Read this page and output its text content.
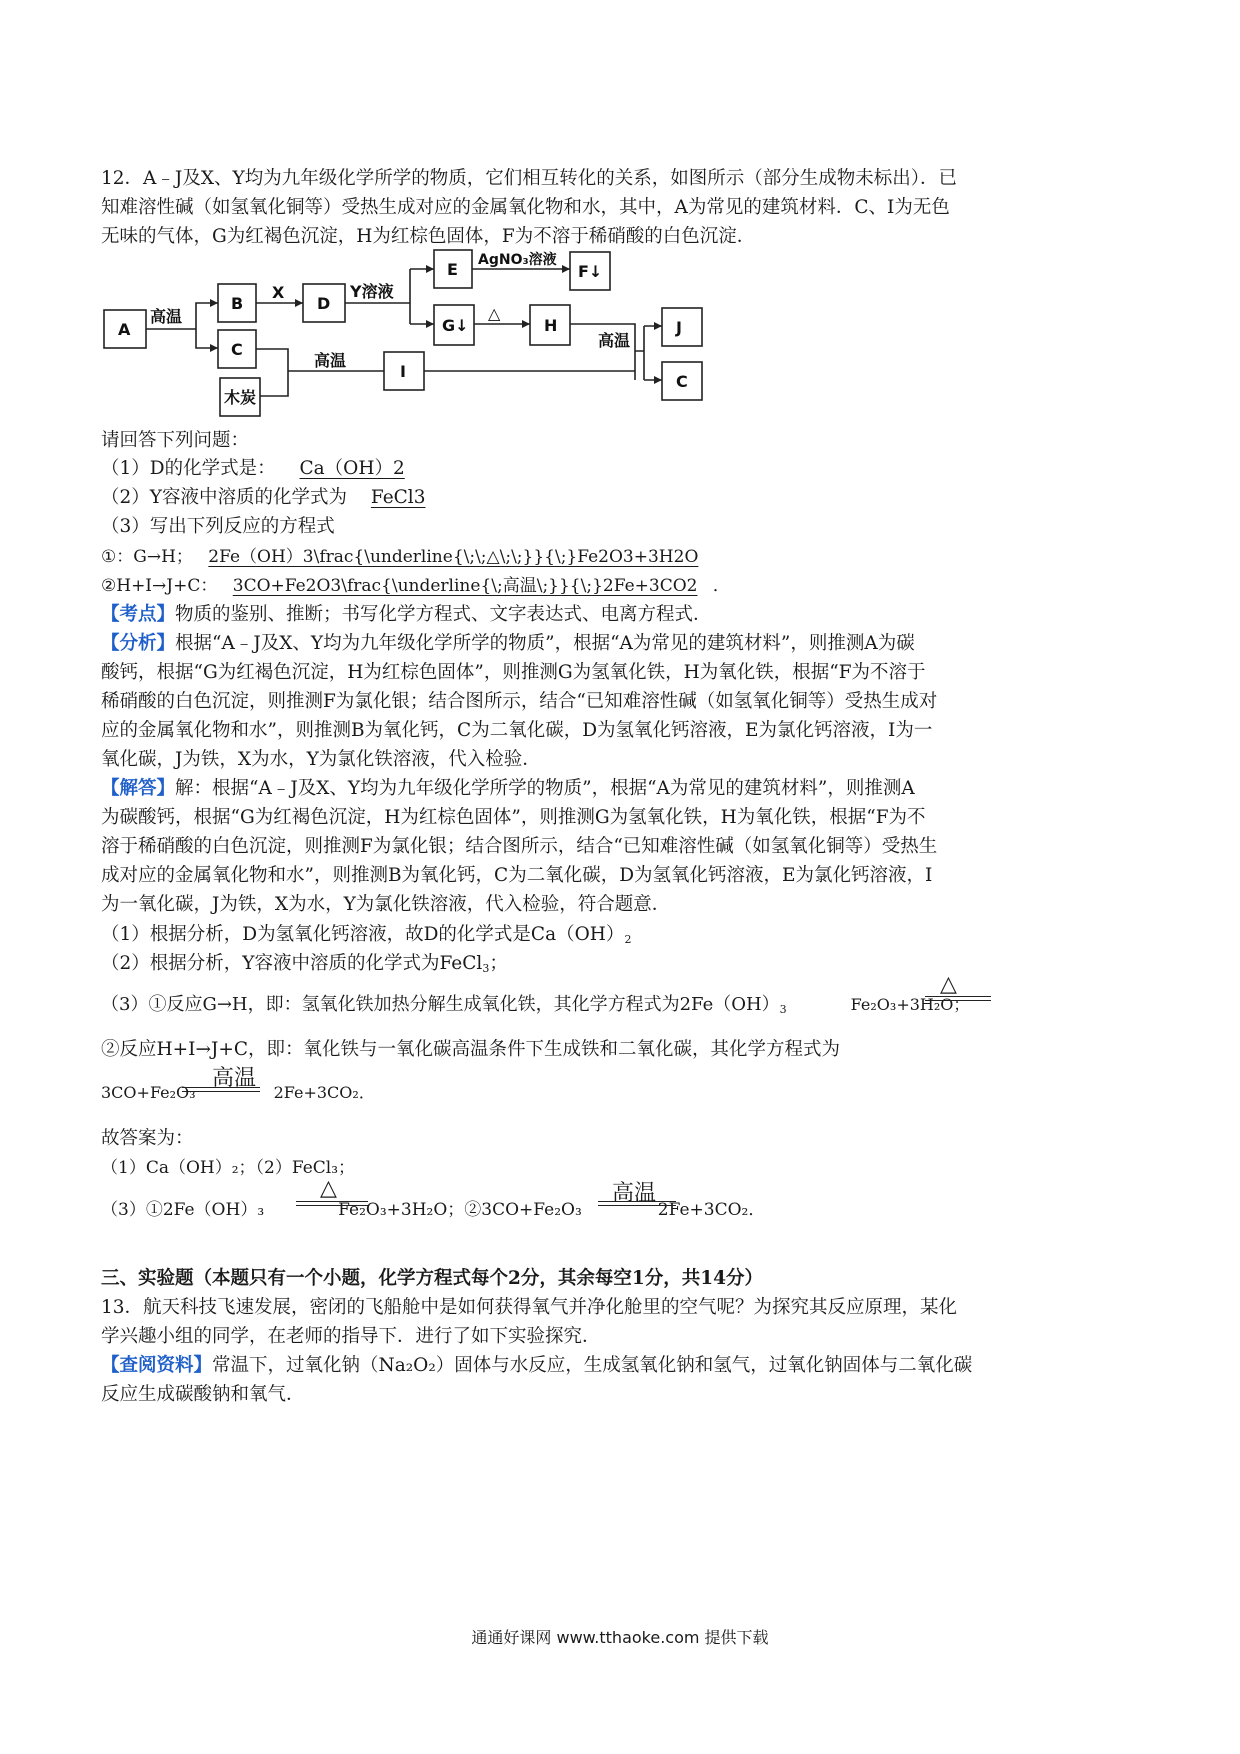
12．A﹣J及X、Y均为九年级化学所学的物质，它们相互转化的关系，如图所示（部分生成物未标出）．已
知难溶性碱（如氢氧化铜等）受热生成对应的金属氧化物和水，其中，A为常见的建筑材料．C、I为无色
无味的气体，G为红褐色沉淀，H为红棕色固体，F为不溶于稀硝酸的白色沉淀．
A
B	D
E	F↓
G↓	H
C
木炭
I
J
C
高温
X	Y溶液
AgNO₃溶液
△
高温
高温
请回答下列问题：
（1）D的化学式是： Ca（OH）2
（2）Y容液中溶质的化学式为 FeCl3
（3）写出下列反应的方程式
①：G→H； 2Fe（OH）3\frac{\underline{\;\;△\;\;}}{\;}Fe2O3+3H2O
②H+I→J+C： 3CO+Fe2O3\frac{\underline{\;高温\;}}{\;}2Fe+3CO2 ．
【考点】物质的鉴别、推断；书写化学方程式、文字表达式、电离方程式．
【分析】根据“A﹣J及X、Y均为九年级化学所学的物质”，根据“A为常见的建筑材料”，则推测A为碳
酸钙，根据“G为红褐色沉淀，H为红棕色固体”，则推测G为氢氧化铁，H为氧化铁，根据“F为不溶于
稀硝酸的白色沉淀，则推测F为氯化银；结合图所示，结合“已知难溶性碱（如氢氧化铜等）受热生成对
应的金属氧化物和水”，则推测B为氧化钙，C为二氧化碳，D为氢氧化钙溶液，E为氯化钙溶液，I为一
氧化碳，J为铁，X为水，Y为氯化铁溶液，代入检验．
【解答】解：根据“A﹣J及X、Y均为九年级化学所学的物质”，根据“A为常见的建筑材料”，则推测A
为碳酸钙，根据“G为红褐色沉淀，H为红棕色固体”，则推测G为氢氧化铁，H为氧化铁，根据“F为不
溶于稀硝酸的白色沉淀，则推测F为氯化银；结合图所示，结合“已知难溶性碱（如氢氧化铜等）受热生
成对应的金属氧化物和水”，则推测B为氧化钙，C为二氧化碳，D为氢氧化钙溶液，E为氯化钙溶液，I
为一氧化碳，J为铁，X为水，Y为氯化铁溶液，代入检验，符合题意．
（1）根据分析，D为氢氧化钙溶液，故D的化学式是$Ca(OH)_2$
（2）根据分析，Y容液中溶质的化学式为FeCl$_3$；
（3）①反应G→H，即：氢氧化铁加热分解生成氧化铁，其化学方程式为$2Fe(OH)_3$	Fe₂O₃+3H₂O；
△
②反应H+I→J+C，即：氧化铁与一氧化碳高温条件下生成铁和二氧化碳，其化学方程式为
3CO+Fe₂O₃	2Fe+3CO₂．
高温
故答案为：
（1）Ca（OH）₂；（2）FeCl₃；
（3）①2Fe（OH）₃	Fe₂O₃+3H₂O；②3CO+Fe₂O₃	2Fe+3CO₂．
△	高温
三、实验题（本题只有一个小题，化学方程式每个2分，其余每空1分，共14分）
13．航天科技飞速发展，密闭的飞船舱中是如何获得氧气并净化舱里的空气呢？为探究其反应原理，某化
学兴趣小组的同学，在老师的指导下．进行了如下实验探究．
【查阅资料】常温下，过氧化钠（Na₂O₂）固体与水反应，生成氢氧化钠和氢气，过氧化钠固体与二氧化碳
反应生成碳酸钠和氧气．
通通好课网 www.tthaoke.com 提供下载
